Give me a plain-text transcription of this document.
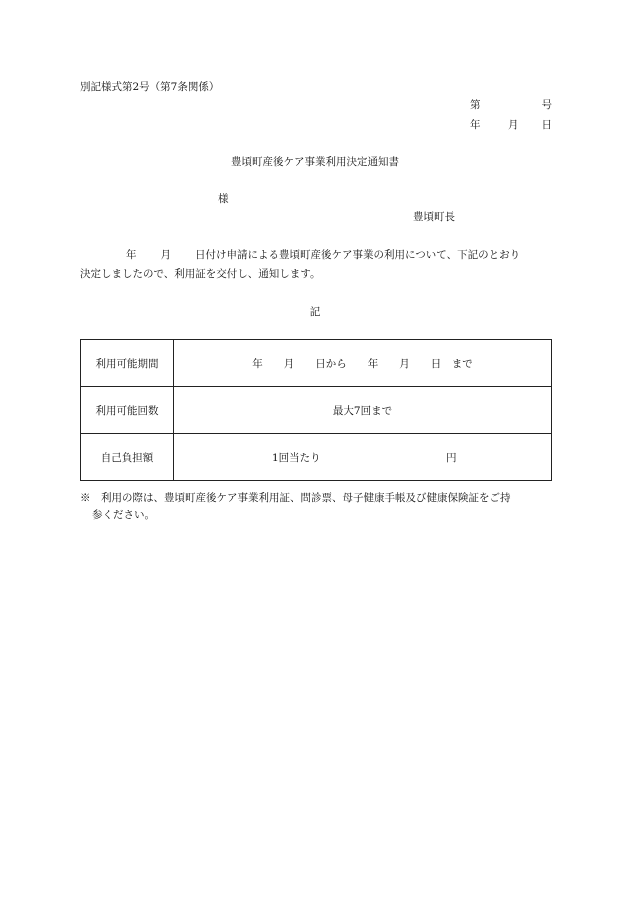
別記様式第2号（第7条関係）
第	号
年	月 日
豊頃町産後ケア事業利用決定通知書
様
豊頃町長
年 月 日付け申請による豊頃町産後ケア事業の利用について、下記のとおり
決定しましたので、利用証を交付し、通知します。
記
利用可能期間	年　　月　　日から　　年　　月　　日　まで
利用可能回数	最大7回まで
自己負担額	1回当たり 円
※　利用の際は、豊頃町産後ケア事業利用証、問診票、母子健康手帳及び健康保険証をご持
参ください。
